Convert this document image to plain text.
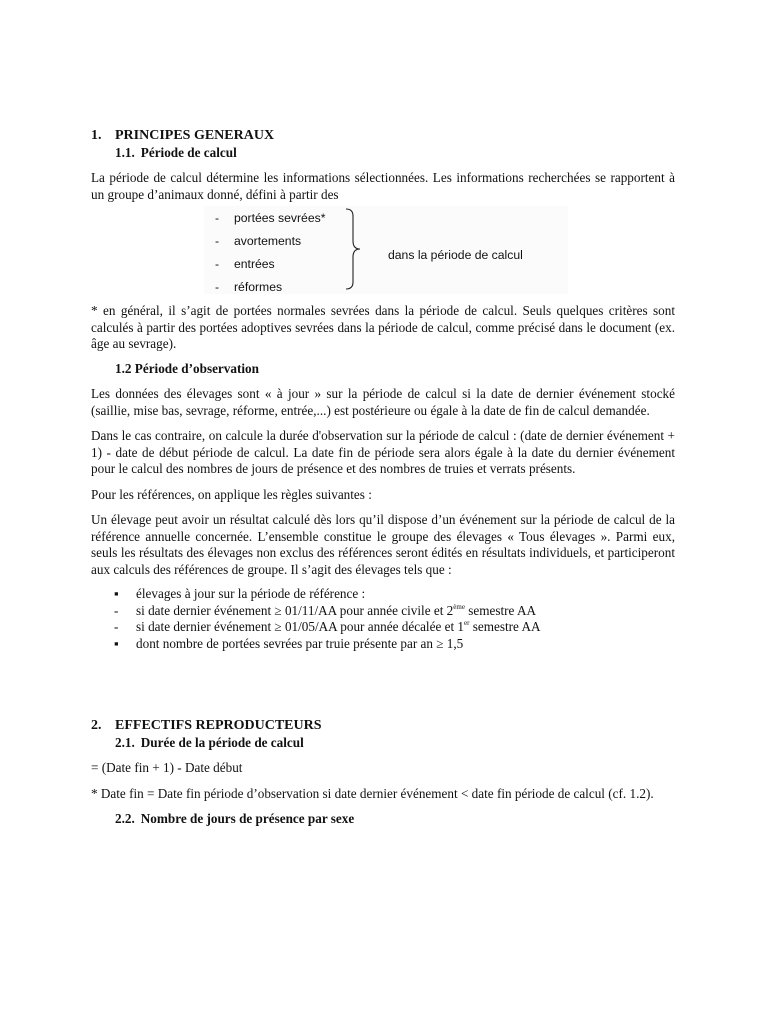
1. PRINCIPES GENERAUX
1.1. Période de calcul

La période de calcul détermine les informations sélectionnées. Les informations recherchées se rapportent à un groupe d’animaux donné, défini à partir des

-	portées sevrées*
-	avortements
-	entrées
-	réformes
dans la période de calcul

* en général, il s’agit de portées normales sevrées dans la période de calcul. Seuls quelques critères sont calculés à partir des portées adoptives sevrées dans la période de calcul, comme précisé dans le document (ex. âge au sevrage).

1.2 Période d’observation

Les données des élevages sont « à jour » sur la période de calcul si la date de dernier événement stocké (saillie, mise bas, sevrage, réforme, entrée,...) est postérieure ou égale à la date de fin de calcul demandée.

Dans le cas contraire, on calcule la durée d'observation sur la période de calcul : (date de dernier événement + 1) - date de début période de calcul. La date fin de période sera alors égale à la date du dernier événement pour le calcul des nombres de jours de présence et des nombres de truies et verrats présents.

Pour les références, on applique les règles suivantes :

Un élevage peut avoir un résultat calculé dès lors qu’il dispose d’un événement sur la période de calcul de la référence annuelle concernée. L’ensemble constitue le groupe des élevages « Tous élevages ». Parmi eux, seuls les résultats des élevages non exclus des références seront édités en résultats individuels, et participeront aux calculs des références de groupe. Il s’agit des élevages tels que :

▪	élevages à jour sur la période de référence :
-	si date dernier événement ≥ 01/11/AA pour année civile et 2ème semestre AA
-	si date dernier événement ≥ 01/05/AA pour année décalée et 1er semestre AA
▪	dont nombre de portées sevrées par truie présente par an ≥ 1,5
2. EFFECTIFS REPRODUCTEURS
2.1. Durée de la période de calcul

= (Date fin + 1) - Date début

* Date fin = Date fin période d’observation si date dernier événement < date fin période de calcul (cf. 1.2).

2.2. Nombre de jours de présence par sexe
